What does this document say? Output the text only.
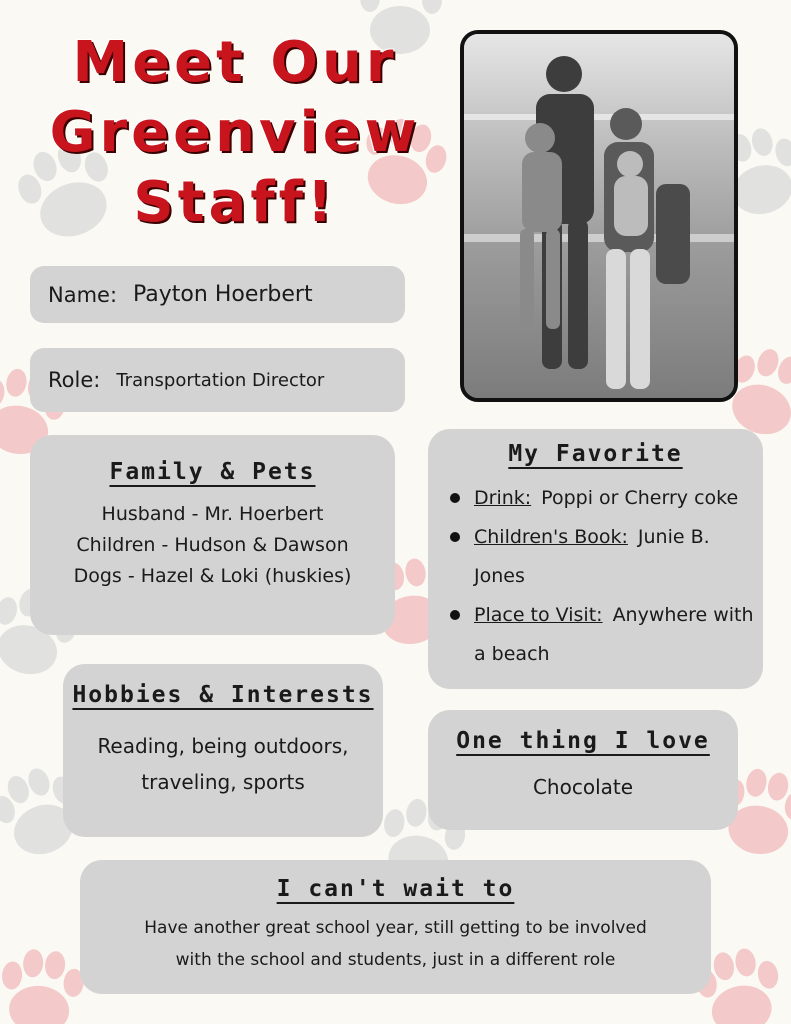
Meet Our
Greenview
Staff!
Name: Payton Hoerbert
Role: Transportation Director
Family & Pets
Husband - Mr. Hoerbert
Children - Hudson & Dawson
Dogs - Hazel & Loki (huskies)
My Favorite
Drink: Poppi or Cherry coke
Children's Book: Junie B. Jones
Place to Visit: Anywhere with a beach
Hobbies & Interests
Reading, being outdoors,
traveling, sports
One thing I love
Chocolate
I can't wait to
Have another great school year, still getting to be involved
with the school and students, just in a different role
